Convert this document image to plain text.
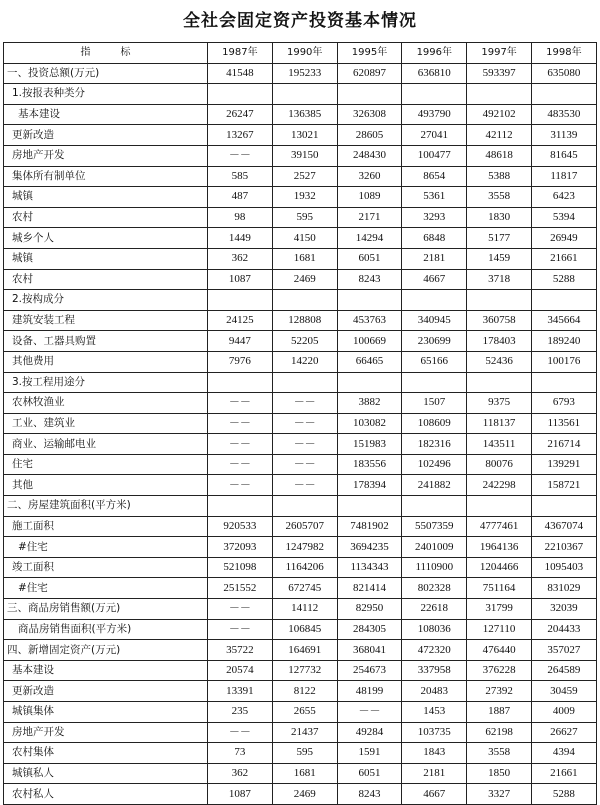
全社会固定资产投资基本情况
指　　　标	1987年	1990年	1995年	1996年	1997年	1998年
一、投资总额(万元)	41548	195233	620897	636810	593397	635080
1.按报表种类分						
基本建设	26247	136385	326308	493790	492102	483530
更新改造	13267	13021	28605	27041	42112	31139
房地产开发	－－	39150	248430	100477	48618	81645
集体所有制单位	585	2527	3260	8654	5388	11817
城镇	487	1932	1089	5361	3558	6423
农村	98	595	2171	3293	1830	5394
城乡个人	1449	4150	14294	6848	5177	26949
城镇	362	1681	6051	2181	1459	21661
农村	1087	2469	8243	4667	3718	5288
2.按构成分						
建筑安装工程	24125	128808	453763	340945	360758	345664
设备、工器具购置	9447	52205	100669	230699	178403	189240
其他费用	7976	14220	66465	65166	52436	100176
3.按工程用途分						
农林牧渔业	－－	－－	3882	1507	9375	6793
工业、建筑业	－－	－－	103082	108609	118137	113561
商业、运输邮电业	－－	－－	151983	182316	143511	216714
住宅	－－	－－	183556	102496	80076	139291
其他	－－	－－	178394	241882	242298	158721
二、房屋建筑面积(平方米)						
施工面积	920533	2605707	7481902	5507359	4777461	4367074
#住宅	372093	1247982	3694235	2401009	1964136	2210367
竣工面积	521098	1164206	1134343	1110900	1204466	1095403
#住宅	251552	672745	821414	802328	751164	831029
三、商品房销售额(万元)	－－	14112	82950	22618	31799	32039
商品房销售面积(平方米)	－－	106845	284305	108036	127110	204433
四、新增固定资产(万元)	35722	164691	368041	472320	476440	357027
基本建设	20574	127732	254673	337958	376228	264589
更新改造	13391	8122	48199	20483	27392	30459
城镇集体	235	2655	－－	1453	1887	4009
房地产开发	－－	21437	49284	103735	62198	26627
农村集体	73	595	1591	1843	3558	4394
城镇私人	362	1681	6051	2181	1850	21661
农村私人	1087	2469	8243	4667	3327	5288
